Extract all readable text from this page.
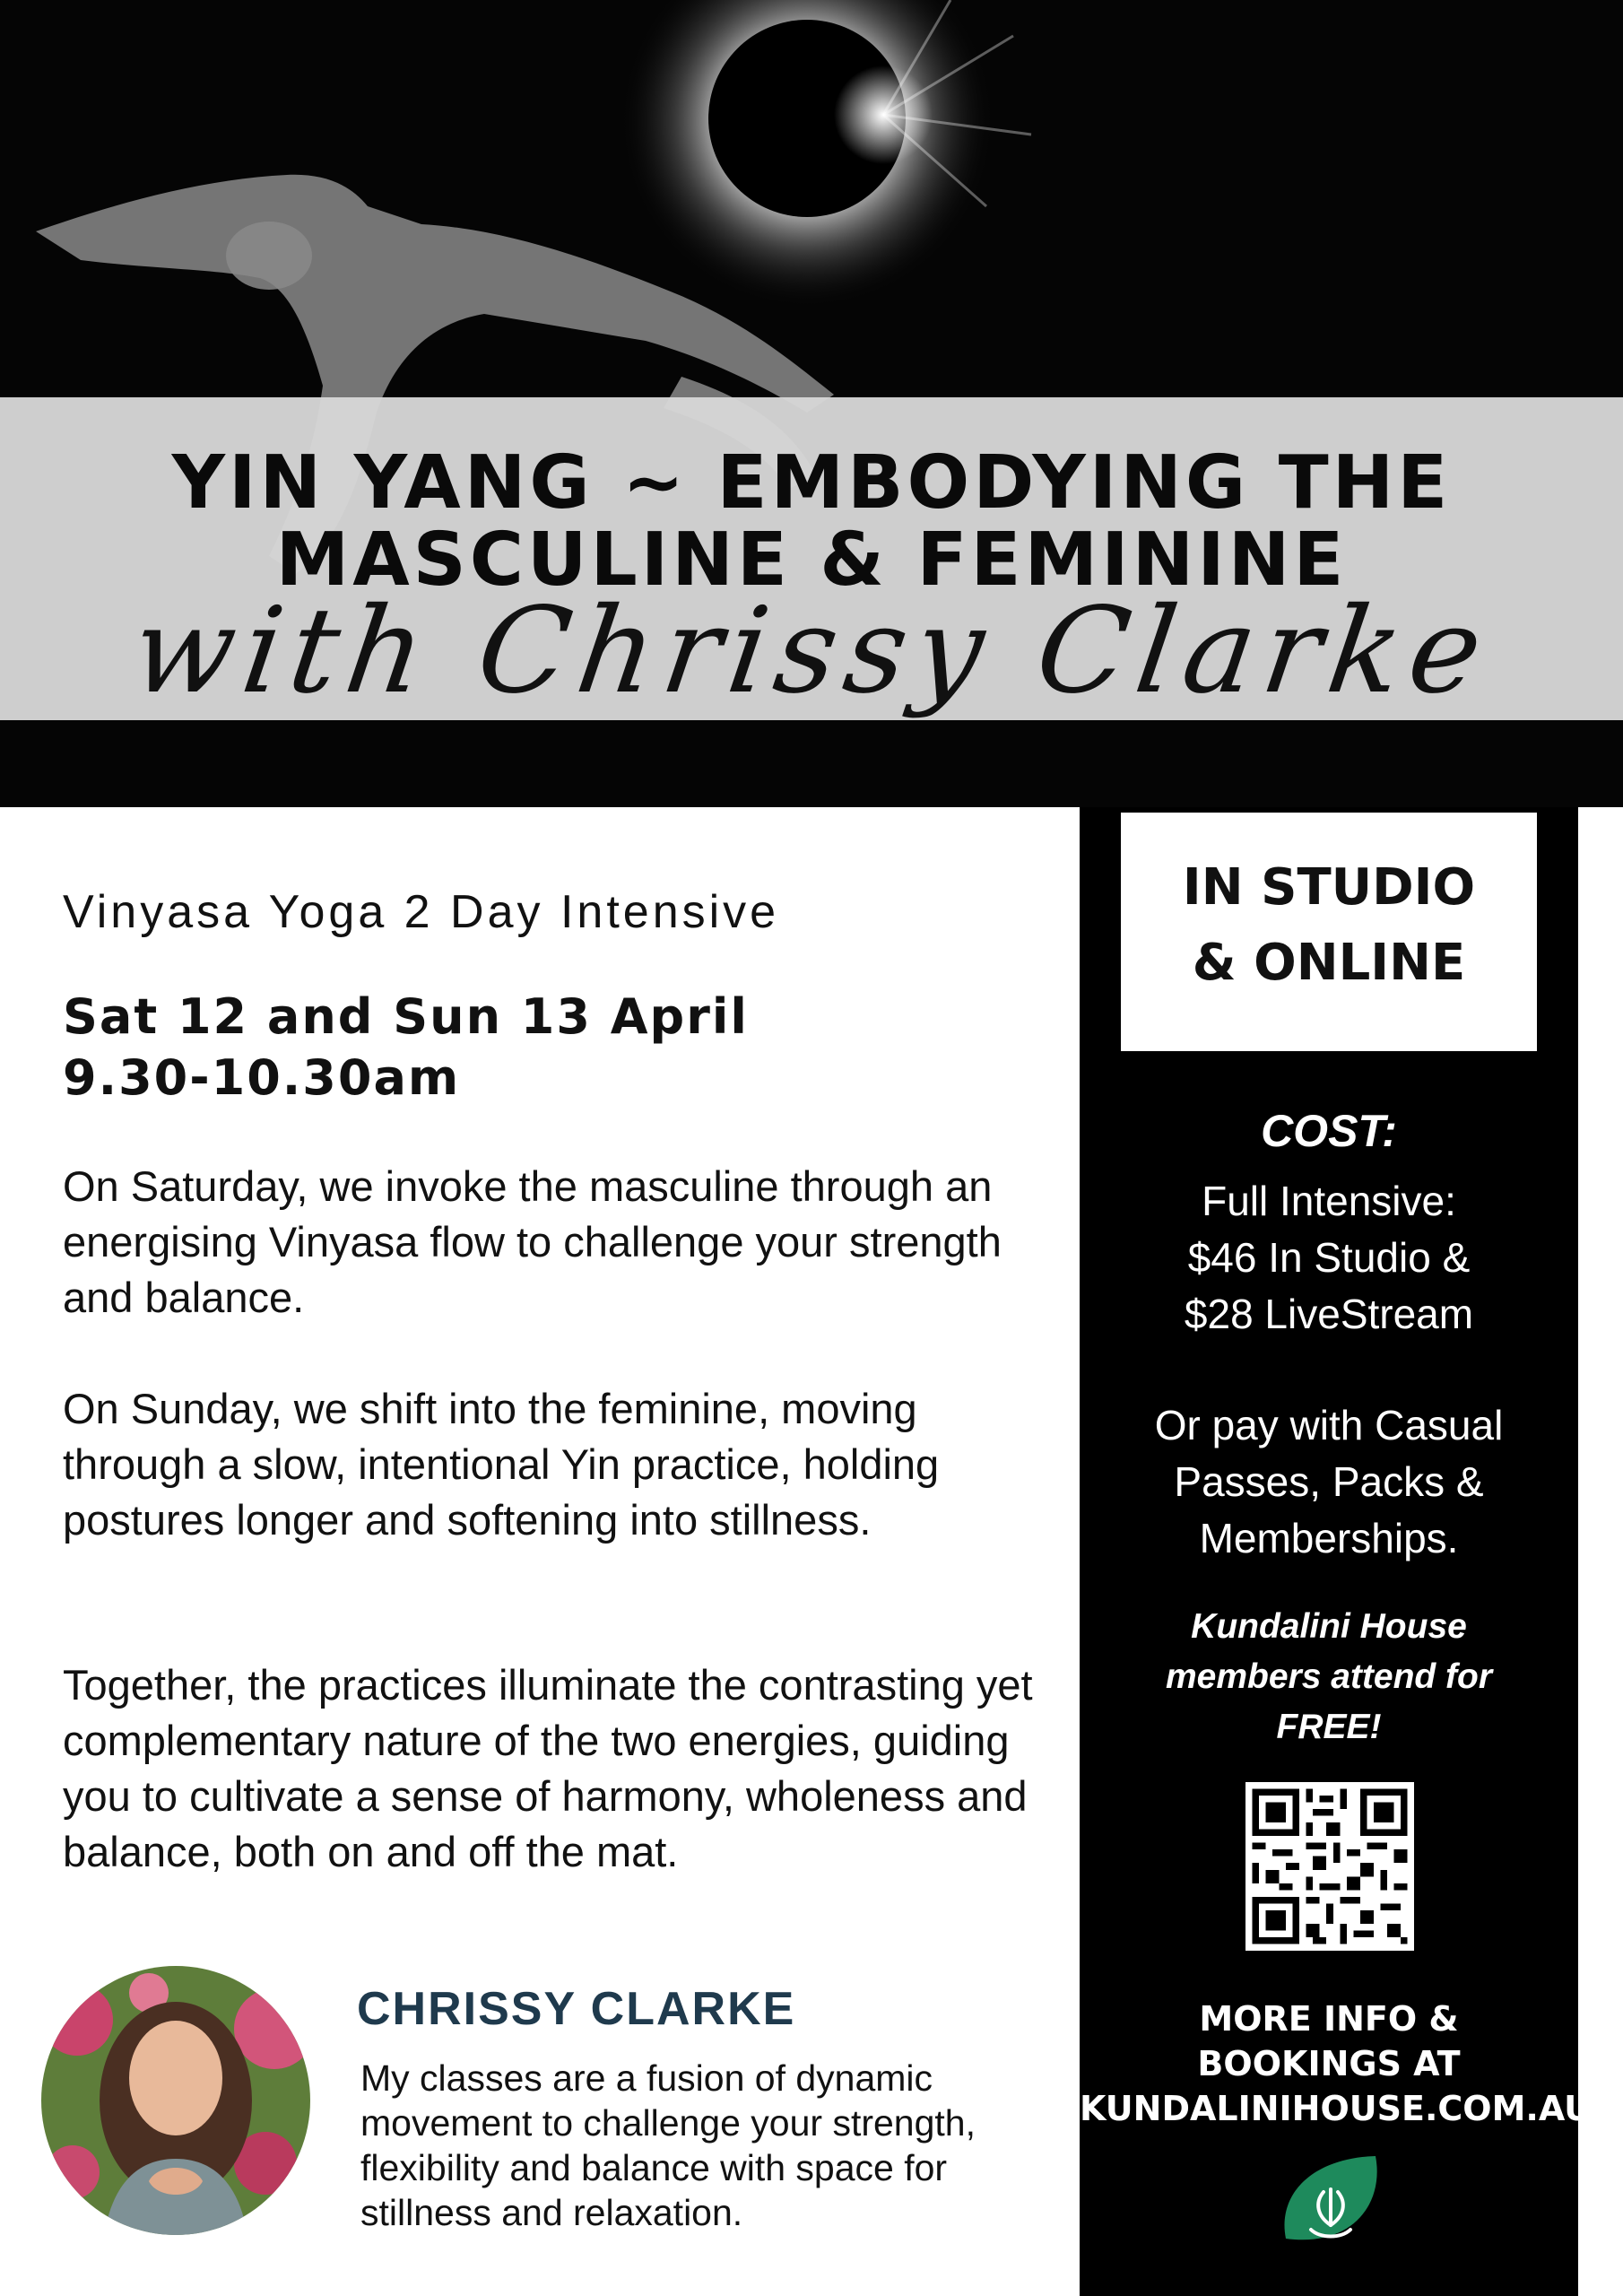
YIN YANG ~ EMBODYING THE
MASCULINE & FEMININE
with Chrissy Clarke
Vinyasa Yoga 2 Day Intensive
Sat 12 and Sun 13 April
9.30-10.30am

On Saturday, we invoke the masculine through an energising Vinyasa flow to challenge your strength and balance.

On Sunday, we shift into the feminine, moving through a slow, intentional Yin practice, holding postures longer and softening into stillness.

Together, the practices illuminate the contrasting yet complementary nature of the two energies, guiding you to cultivate a sense of harmony, wholeness and balance, both on and off the mat.

CHRISSY CLARKE

My classes are a fusion of dynamic movement to challenge your strength, flexibility and balance with space for stillness and relaxation.

IN STUDIO
& ONLINE
COST:
Full Intensive:
$46 In Studio &
$28 LiveStream
Or pay with Casual
Passes, Packs &
Memberships.
Kundalini House
members attend for
FREE!
MORE INFO &
BOOKINGS AT
KUNDALINIHOUSE.COM.AU
